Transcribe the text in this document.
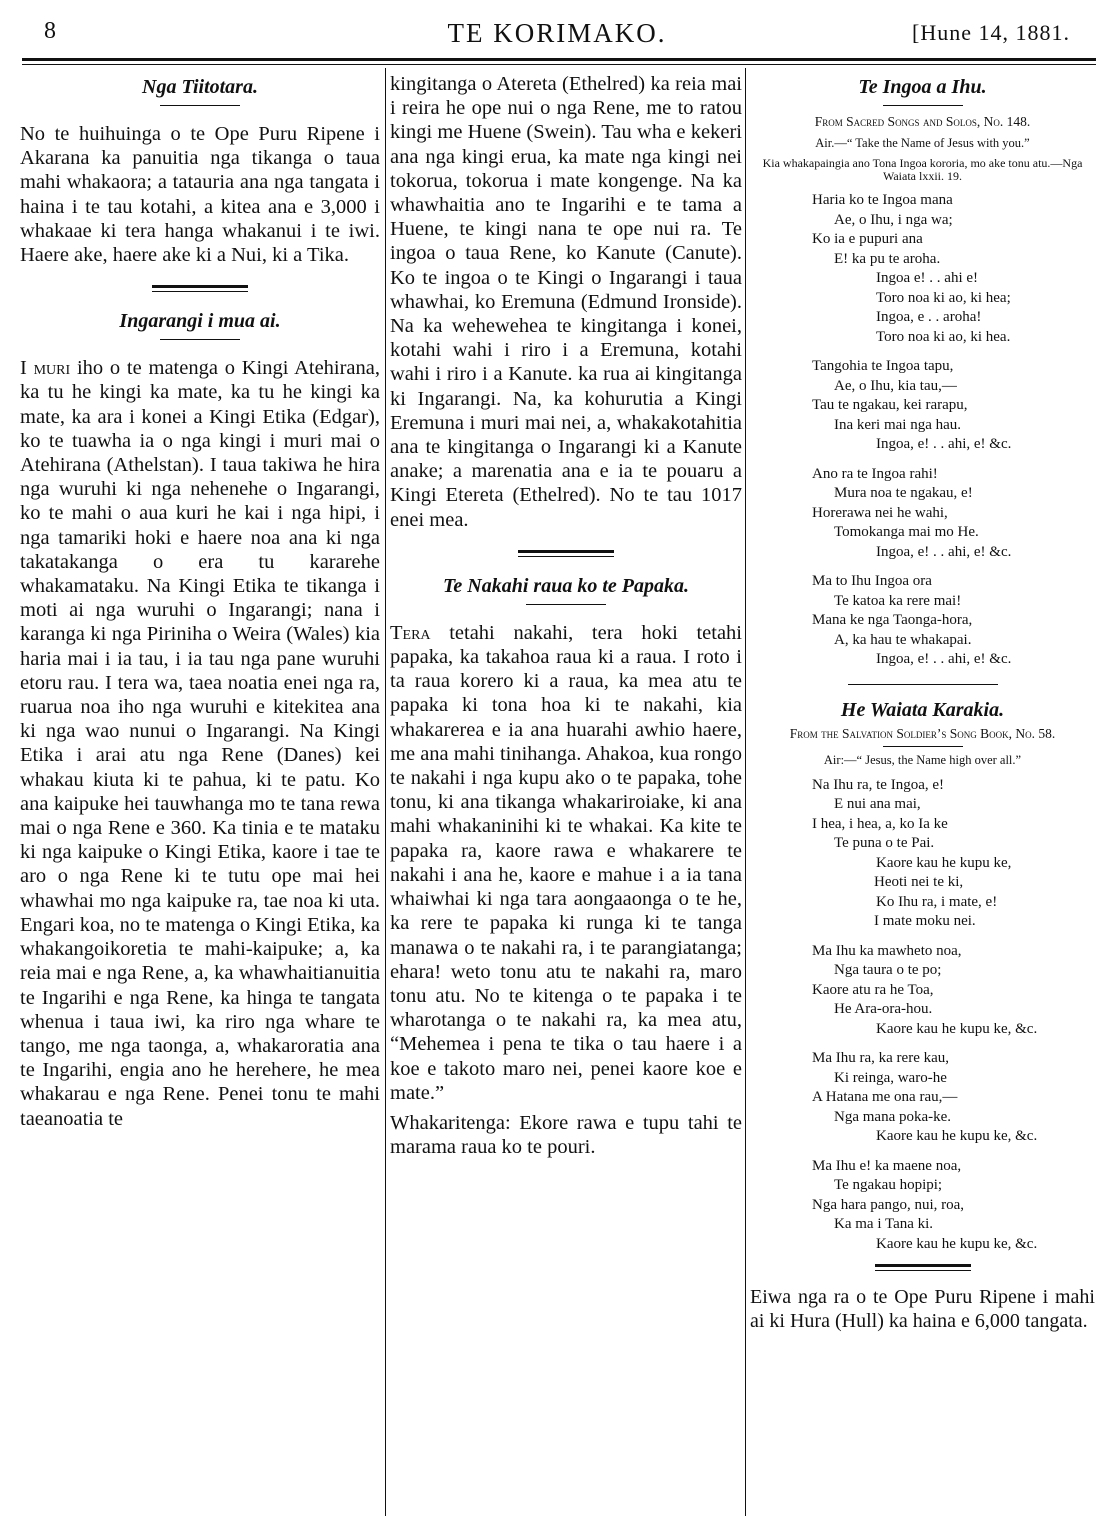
8	TE KORIMAKO.	[Hune 14, 1881.
Nga Tiitotara.

No te huihuinga o te Ope Puru Ripene i Akarana ka panuitia nga tikanga o taua mahi whakaora; a tatauria ana nga tangata i haina i te tau kotahi, a kitea ana e 3,000 i whakaae ki tera hanga whakanui i te iwi. Haere ake, haere ake ki a Nui, ki a Tika.

Ingarangi i mua ai.

I muri iho o te matenga o Kingi Atehirana, ka tu he kingi ka mate, ka tu he kingi ka mate, ka ara i konei a Kingi Etika (Edgar), ko te tuawha ia o nga kingi i muri mai o Atehirana (Athelstan). I taua takiwa he hira nga wuruhi ki nga nehenehe o Ingarangi, ko te mahi o aua kuri he kai i nga hipi, i nga tamariki hoki e haere noa ana ki nga takatakanga o era tu kararehe whakamataku. Na Kingi Etika te tikanga i moti ai nga wuruhi o Ingarangi; nana i karanga ki nga Piriniha o Weira (Wales) kia haria mai i ia tau, i ia tau nga pane wuruhi etoru rau. I tera wa, taea noatia enei nga ra, ruarua noa iho nga wuruhi e kitekitea ana ki nga wao nunui o Ingarangi. Na Kingi Etika i arai atu nga Rene (Danes) kei whakau kiuta ki te pahua, ki te patu. Ko ana kaipuke hei tauwhanga mo te tana rewa mai o nga Rene e 360. Ka tinia e te mataku ki nga kaipuke o Kingi Etika, kaore i tae te aro o nga Rene ki te tutu ope mai hei whawhai mo nga kaipuke ra, tae noa ki uta. Engari koa, no te matenga o Kingi Etika, ka whakangoikoretia te mahi-kaipuke; a, ka reia mai e nga Rene, a, ka whawhaitianuitia te Ingarihi e nga Rene, ka hinga te tangata whenua i taua iwi, ka riro nga whare te tango, me nga taonga, a, whakaroratia ana te Ingarihi, engia ano he herehere, he mea whakarau e nga Rene. Penei tonu te mahi taeanoatia te

kingitanga o Atereta (Ethelred) ka reia mai i reira he ope nui o nga Rene, me to ratou kingi me Huene (Swein). Tau wha e kekeri ana nga kingi erua, ka mate nga kingi nei tokorua, tokorua i mate kongenge. Na ka whawhaitia ano te Ingarihi e te tama a Huene, te kingi nana te ope nui ra. Te ingoa o taua Rene, ko Kanute (Canute). Ko te ingoa o te Kingi o Ingarangi i taua whawhai, ko Eremuna (Edmund Ironside). Na ka wehewehea te kingitanga i konei, kotahi wahi i riro i a Eremuna, kotahi wahi i riro i a Kanute. ka rua ai kingitanga ki Ingarangi. Na, ka kohurutia a Kingi Eremuna i muri mai nei, a, whakakotahitia ana te kingitanga o Ingarangi ki a Kanute anake; a marenatia ana e ia te pouaru a Kingi Etereta (Ethelred). No te tau 1017 enei mea.

Te Nakahi raua ko te Papaka.

Tera tetahi nakahi, tera hoki tetahi papaka, ka takahoa raua ki a raua. I roto i ta raua korero ki a raua, ka mea atu te papaka ki tona hoa ki te nakahi, kia whakarerea e ia ana huarahi awhio haere, me ana mahi tinihanga. Ahakoa, kua rongo te nakahi i nga kupu ako o te papaka, tohe tonu, ki ana tikanga whakariroiake, ki ana mahi whakaninihi ki te whakai. Ka kite te papaka ra, kaore rawa e whakarere te nakahi i ana he, kaore e mahue i a ia tana whaiwhai ki nga tara aongaaonga o te he, ka rere te papaka ki runga ki te tanga manawa o te nakahi ra, i te parangiatanga; ehara! weto tonu atu te nakahi ra, maro tonu atu. No te kitenga o te papaka i te wharotanga o te nakahi ra, ka mea atu, “Mehemea i pena te tika o tau haere i a koe e takoto maro nei, penei kaore koe e mate.”

Whakaritenga: Ekore rawa e tupu tahi te marama raua ko te pouri.

Te Ingoa a Ihu.
From Sacred Songs and Solos, No. 148.
Air.—“ Take the Name of Jesus with you.”
Kia whakapaingia ano Tona Ingoa kororia, mo ake tonu atu.—Nga Waiata lxxii. 19.
Haria ko te Ingoa mana
Ae, o Ihu, i nga wa;
Ko ia e pupuri ana
E! ka pu te aroha.
Ingoa e! . . ahi e!
Toro noa ki ao, ki hea;
Ingoa, e . . aroha!
Toro noa ki ao, ki hea.
Tangohia te Ingoa tapu,
Ae, o Ihu, kia tau,—
Tau te ngakau, kei rarapu,
Ina keri mai nga hau.
Ingoa, e! . . ahi, e! &c.
Ano ra te Ingoa rahi!
Mura noa te ngakau, e!
Horerawa nei he wahi,
Tomokanga mai mo He.
Ingoa, e! . . ahi, e! &c.
Ma to Ihu Ingoa ora
Te katoa ka rere mai!
Mana ke nga Taonga-hora,
A, ka hau te whakapai.
Ingoa, e! . . ahi, e! &c.
He Waiata Karakia.
From the Salvation Soldier’s Song Book, No. 58.
Air:—“ Jesus, the Name high over all.”
Na Ihu ra, te Ingoa, e!
E nui ana mai,
I hea, i hea, a, ko Ia ke
Te puna o te Pai.
Kaore kau he kupu ke,
Heoti nei te ki,
Ko Ihu ra, i mate, e!
I mate moku nei.
Ma Ihu ka mawheto noa,
Nga taura o te po;
Kaore atu ra he Toa,
He Ara-ora-hou.
Kaore kau he kupu ke, &c.
Ma Ihu ra, ka rere kau,
Ki reinga, waro-he
A Hatana me ona rau,—
Nga mana poka-ke.
Kaore kau he kupu ke, &c.
Ma Ihu e! ka maene noa,
Te ngakau hopipi;
Nga hara pango, nui, roa,
Ka ma i Tana ki.
Kaore kau he kupu ke, &c.

Eiwa nga ra o te Ope Puru Ripene i mahi ai ki Hura (Hull) ka haina e 6,000 tangata.
